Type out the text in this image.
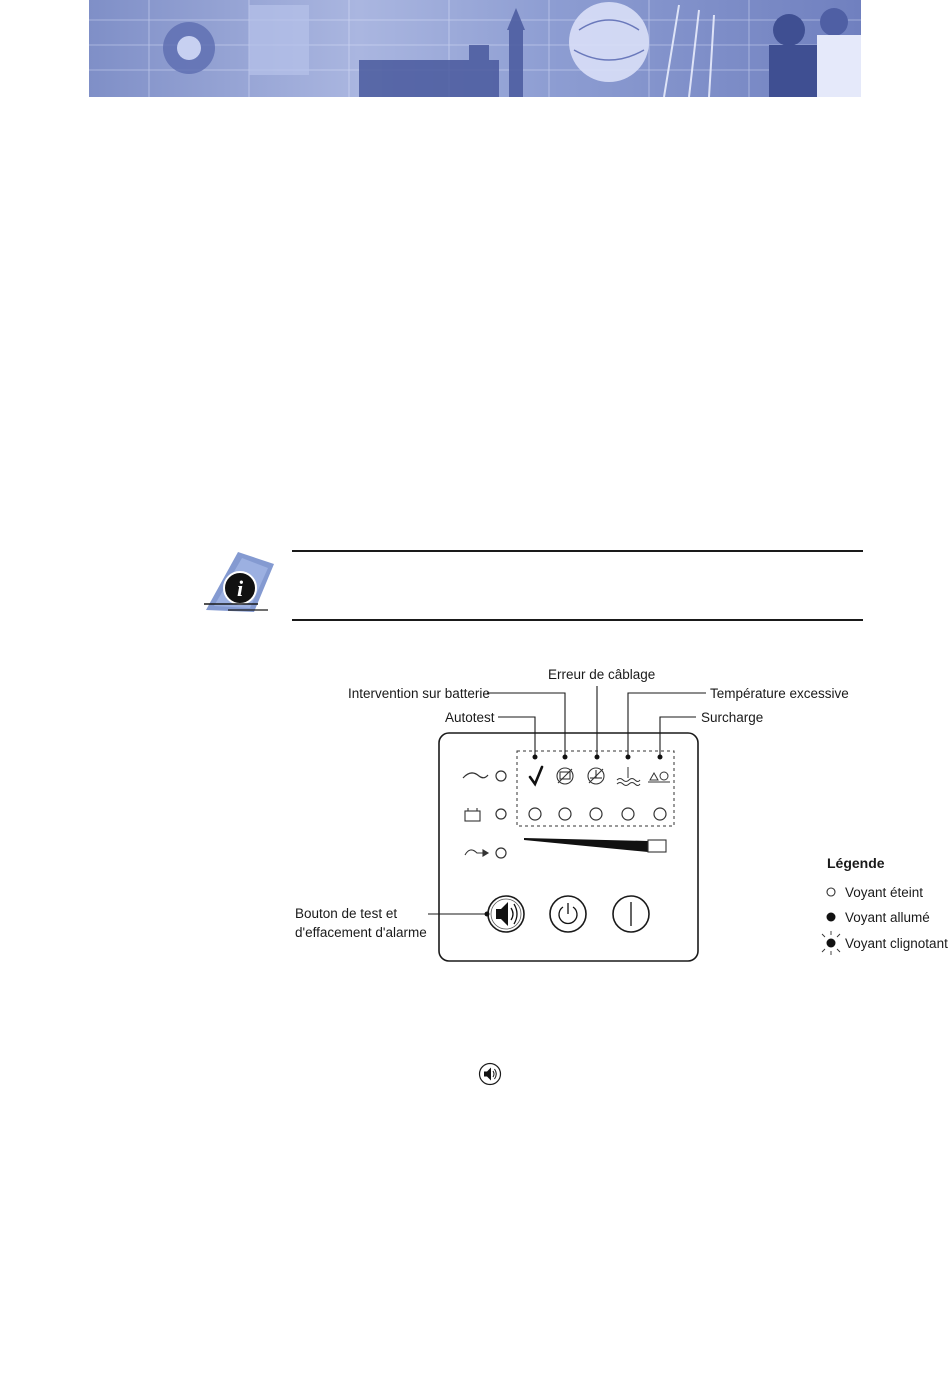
i
Erreur de câblage
Intervention sur batterie	Température excessive
Autotest	Surcharge
Bouton de test et
d'effacement d'alarme
Légende
Voyant éteint
Voyant allumé
Voyant clignotant
